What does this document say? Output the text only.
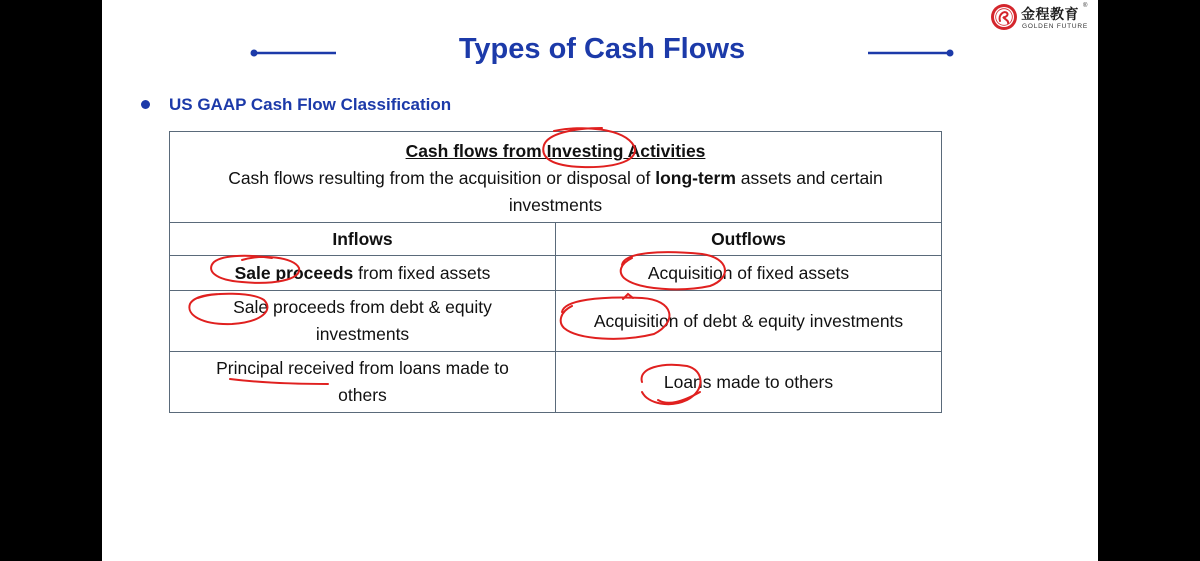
金程教育
®
GOLDEN FUTURE
Types of Cash Flows
US GAAP Cash Flow Classification
Cash flows from Investing Activities
Cash flows resulting from the acquisition or disposal of long-term assets and certain investments	
Inflows	Outflows
Sale proceeds from fixed assets	Acquisition of fixed assets
Sale proceeds from debt & equity investments	Acquisition of debt & equity investments
Principal received from loans made to others	Loans made to others
